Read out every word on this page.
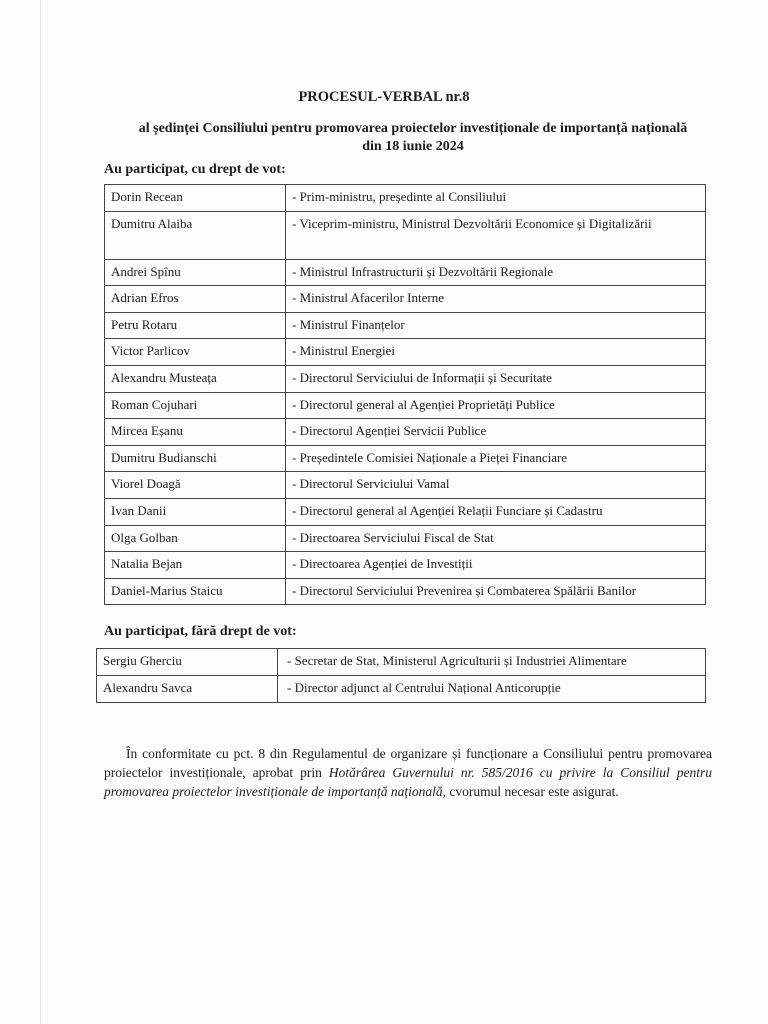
PROCESUL-VERBAL nr.8
al ședinței Consiliului pentru promovarea proiectelor investiționale de importanță națională
din 18 iunie 2024
Au participat, cu drept de vot:
Dorin Recean	- Prim-ministru, președinte al Consiliului
Dumitru Alaiba	- Viceprim-ministru, Ministrul Dezvoltării Economice și Digitalizării
Andrei Spînu	- Ministrul Infrastructurii și Dezvoltării Regionale
Adrian Efros	- Ministrul Afacerilor Interne
Petru Rotaru	- Ministrul Finanțelor
Victor Parlicov	- Ministrul Energiei
Alexandru Musteața	- Directorul Serviciului de Informații și Securitate
Roman Cojuhari	- Directorul general al Agenției Proprietăți Publice
Mircea Eșanu	- Directorul Agenției Servicii Publice
Dumitru Budianschi	- Președintele Comisiei Naționale a Pieței Financiare
Viorel Doagă	- Directorul Serviciului Vamal
Ivan Danii	- Directorul general al Agenției Relații Funciare și Cadastru
Olga Golban	- Directoarea Serviciului Fiscal de Stat
Natalia Bejan	- Directoarea Agenției de Investiții
Daniel-Marius Staicu	- Directorul Serviciului Prevenirea și Combaterea Spălării Banilor
Au participat, fără drept de vot:
Sergiu Gherciu	- Secretar de Stat, Ministerul Agriculturii și Industriei Alimentare
Alexandru Savca	- Director adjunct al Centrului Național Anticorupție
În conformitate cu pct. 8 din Regulamentul de organizare și funcționare a Consiliului pentru promovarea proiectelor investiționale, aprobat prin Hotărârea Guvernului nr. 585/2016 cu privire la Consiliul pentru promovarea proiectelor investiționale de importanță națională, cvorumul necesar este asigurat.
